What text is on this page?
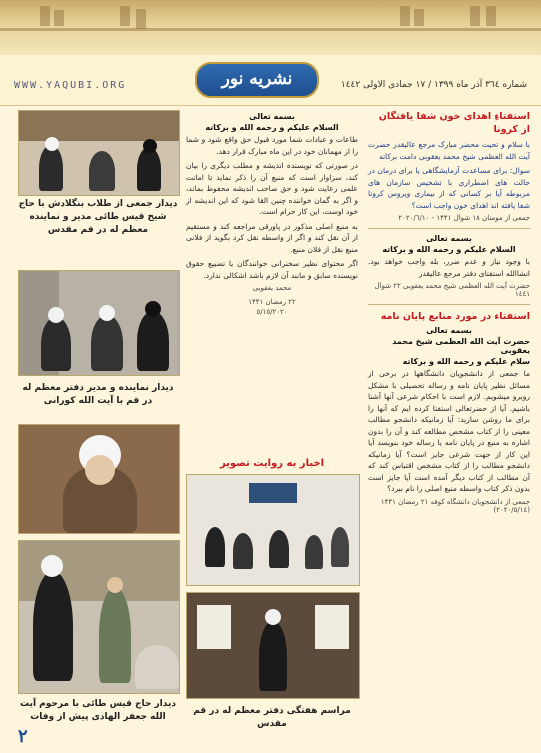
WWW.YAQUBI.ORG	شماره ٣٦٤ آذر ماه ١٣٩٩ / ١٧ جمادی الاولی ١٤٤٢
نشریه نور
استفتاءِ اهدای خون شفا یافتگان از کرونا
با سلام و تحیت محضر مبارک مرجع عالیقدر حضرت آیت الله العظمی شیخ محمد یعقوبی دامت برکاته
سوال: برای مساعدت آزمایشگاهی یا برای درمان در حالت های اضطراری با تشخیص سازمان های مربوطه آیا بر کسانی که از بیماری ویروس کرونا شفا یافته اند اهدای خون واجب است؟
جمعی از مومنان ۱۸ شوال ۱۴۴۱ - ۲۰۲۰/٦/١٠
بسمه تعالی
السلام علیکم و رحمه الله و برکاته
با وجود نیاز و عدم ضرر، بله واجب خواهد بود. انشاالله استفتای دفتر مرجع عالیقدر
حضرت آیت الله العظمی شیخ محمد یعقوبی ٢٢ شوال ١٤٤١
استفتاء در مورد منابع پایان نامه
بسمه تعالی
حضرت آیت الله العظمی شیخ محمد یعقوبی
سلام علیکم و رحمه الله و برکاته
ما جمعی از دانشجویان دانشگاهها در برخی از مسائل نظیر پایان نامه و رساله تحصیلی با مشکل روبرو میشویم. لازم است با احکام شرعی آنها آشنا باشیم. آیا از حضرتعالی استفتا کرده ایم که آنها را برای ما روشن سازید: آیا زمانیکه دانشجو مطالب معینی را از کتاب مشخص مطالعه کند و آن را بدون اشاره به منبع در پایان نامه یا رساله خود بنویسد آیا این کار از جهت شرعی جایز است؟ آیا زمانیکه دانشجو مطالب را از کتاب مشخص اقتباس کند که آن مطالب از کتاب دیگر آمده است آیا جایز است بدون ذکر کتاب واسطه منبع اصلی را نام ببرد؟
جمعی از دانشجویان دانشگاه کوفه ۲۱ رمضان ۱۴۴۱ (۲۰۲۰/٥/١٤)
بسمه تعالی
السلام علیکم و رحمه الله و برکاته
طاعات و عبادات شما مورد قبول حق واقع شود و شما را از مهمانان خود در این ماه مبارک قرار دهد.
در صورتی که نویسنده اندیشه و مطلب دیگری را بیان کند، سزاوار است که منبع آن را ذکر نماید تا امانت علمی رعایت شود و حق صاحب اندیشه محفوظ بماند، و اگر به گمان خواننده چنین القا شود که این اندیشه از خود اوست، این کار حرام است.
به منبع اصلی مذکور در پاورقی مراجعه کند و مستقیم از آن نقل کند و اگر از واسطه نقل کرد بگوید از فلانی منبع نقل از فلان منبع.
اگر محتوای نظیر سخنرانی خوانندگان یا تضییع حقوق نویسنده سابق و مانند آن لازم باشد اشکالی ندارد.
محمد یعقوبی
۲۲ رمضان ۱۴۴۱
۲۰۲۰/٥/١٥
اخبار به روایت تصویر
مراسم هفتگی دفتر معظم له در قم مقدس
دیدار جمعی از طلاب بنگلادش با حاج شیخ قیس طائی مدیر و نماینده معظم له در قم مقدس
دیدار نماینده و مدیر دفتر معظم له در قم با آیت الله کورانی
دیدار حاج قیس طائی با مرحوم آیت الله جعفر الهادی پیش از وفات
۲
